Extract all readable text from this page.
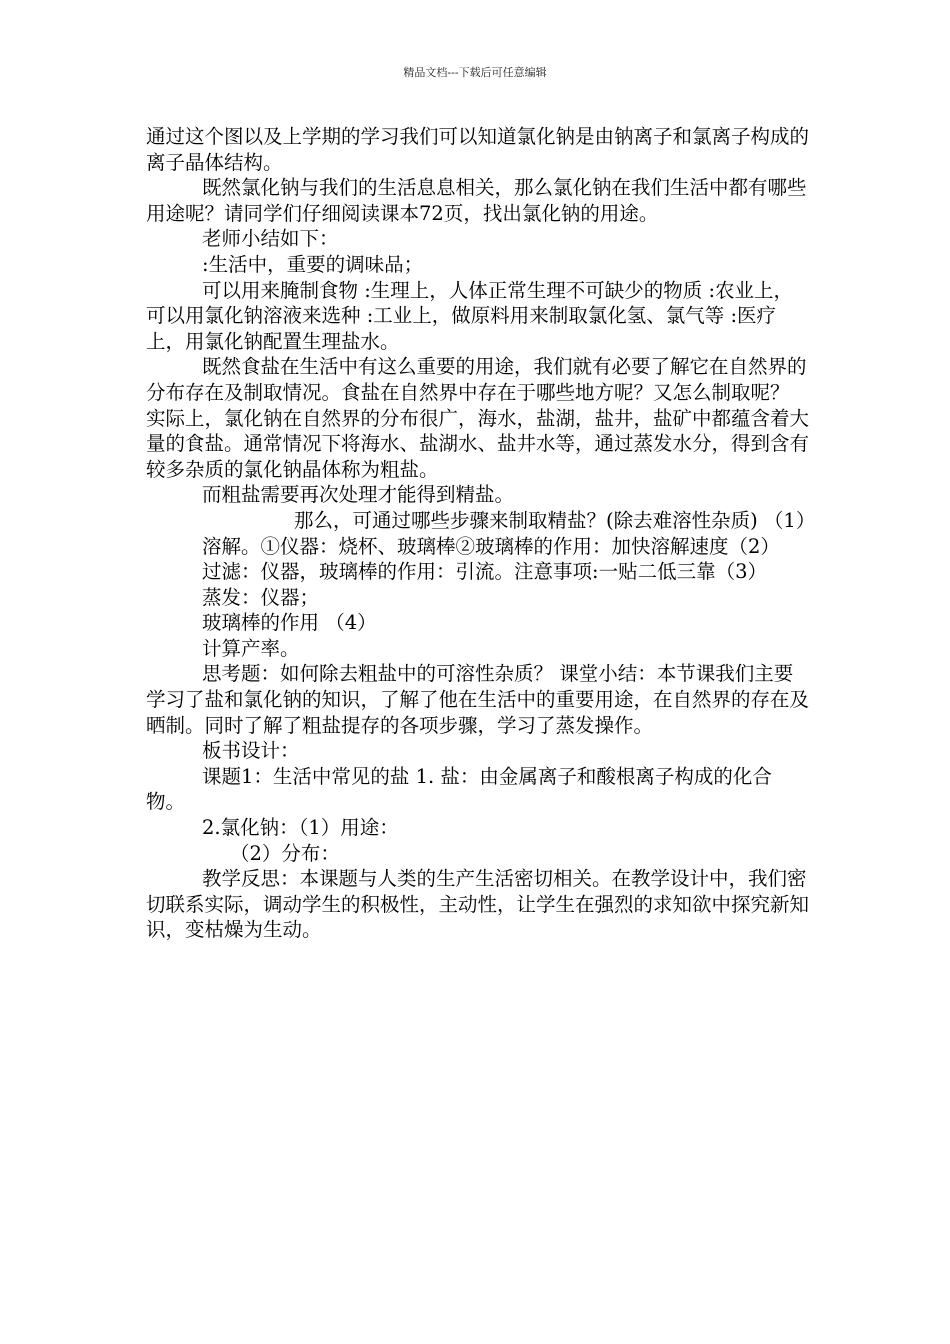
精品文档---下载后可任意编辑

通过这个图以及上学期的学习我们可以知道氯化钠是由钠离子和氯离子构成的离子晶体结构。

既然氯化钠与我们的生活息息相关，那么氯化钠在我们生活中都有哪些用途呢？请同学们仔细阅读课本72页，找出氯化钠的用途。

老师小结如下：

:生活中，重要的调味品；

可以用来腌制食物 :生理上，人体正常生理不可缺少的物质 :农业上，可以用氯化钠溶液来选种 :工业上，做原料用来制取氯化氢、氯气等 :医疗上，用氯化钠配置生理盐水。

既然食盐在生活中有这么重要的用途，我们就有必要了解它在自然界的分布存在及制取情况。食盐在自然界中存在于哪些地方呢？又怎么制取呢？ 实际上，氯化钠在自然界的分布很广，海水，盐湖，盐井，盐矿中都蕴含着大量的食盐。通常情况下将海水、盐湖水、盐井水等，通过蒸发水分，得到含有较多杂质的氯化钠晶体称为粗盐。

而粗盐需要再次处理才能得到精盐。

那么，可通过哪些步骤来制取精盐？(除去难溶性杂质) （1）

溶解。①仪器：烧杯、玻璃棒②玻璃棒的作用：加快溶解速度（2）

过滤：仪器，玻璃棒的作用：引流。注意事项:一贴二低三靠（3）

蒸发：仪器；

玻璃棒的作用 （4）

计算产率。

思考题：如何除去粗盐中的可溶性杂质？ 课堂小结：本节课我们主要学习了盐和氯化钠的知识，了解了他在生活中的重要用途，在自然界的存在及晒制。同时了解了粗盐提存的各项步骤，学习了蒸发操作。

板书设计：

课题1：生活中常见的盐 1. 盐：由金属离子和酸根离子构成的化合物。

2.氯化钠：（1）用途：

（2）分布：

教学反思：本课题与人类的生产生活密切相关。在教学设计中，我们密切联系实际，调动学生的积极性，主动性，让学生在强烈的求知欲中探究新知识，变枯燥为生动。
